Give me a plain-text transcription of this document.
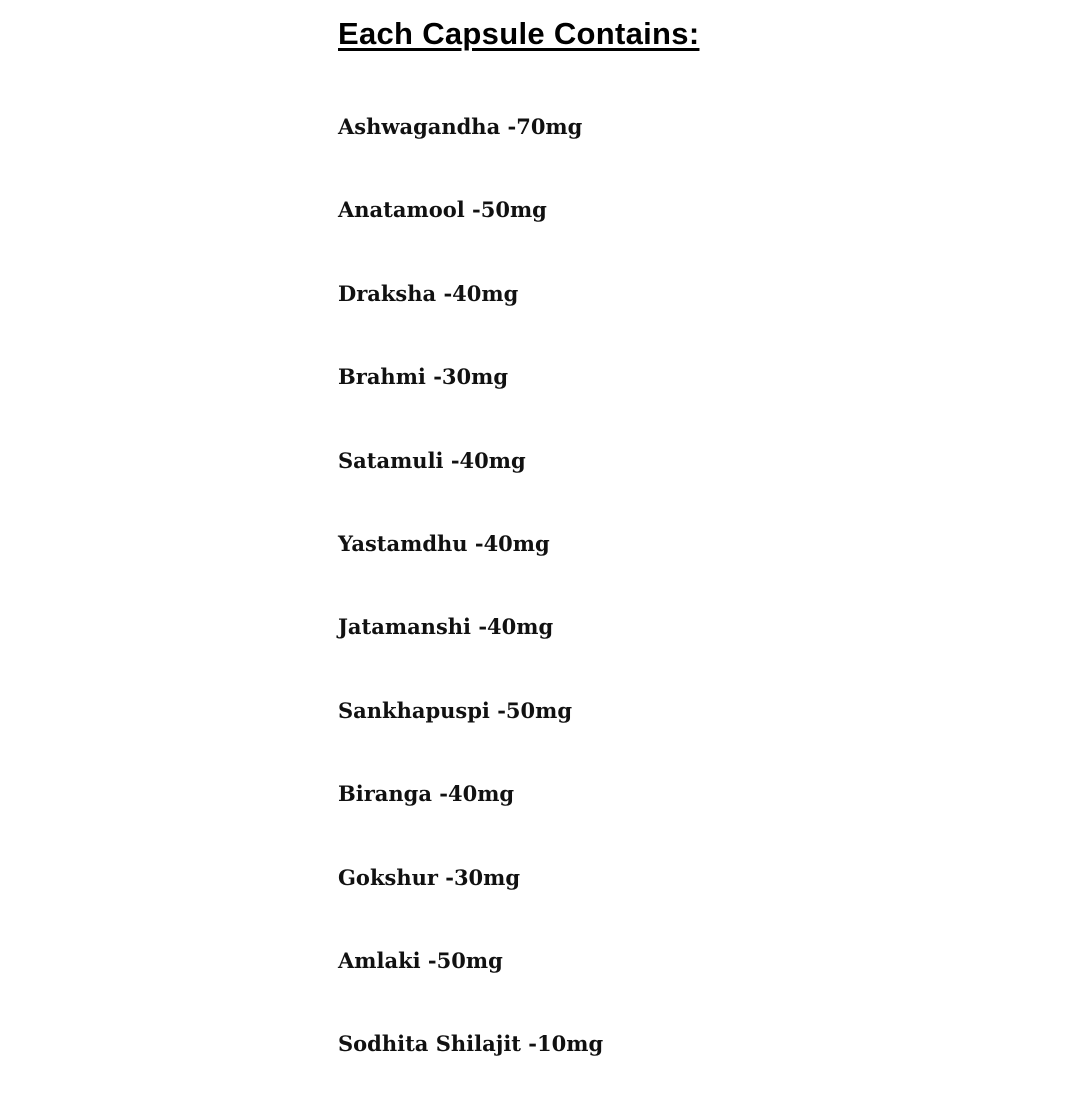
Each Capsule Contains:
Ashwagandha -70mg
Anatamool -50mg
Draksha -40mg
Brahmi -30mg
Satamuli -40mg
Yastamdhu -40mg
Jatamanshi -40mg
Sankhapuspi -50mg
Biranga -40mg
Gokshur -30mg
Amlaki -50mg
Sodhita Shilajit -10mg
